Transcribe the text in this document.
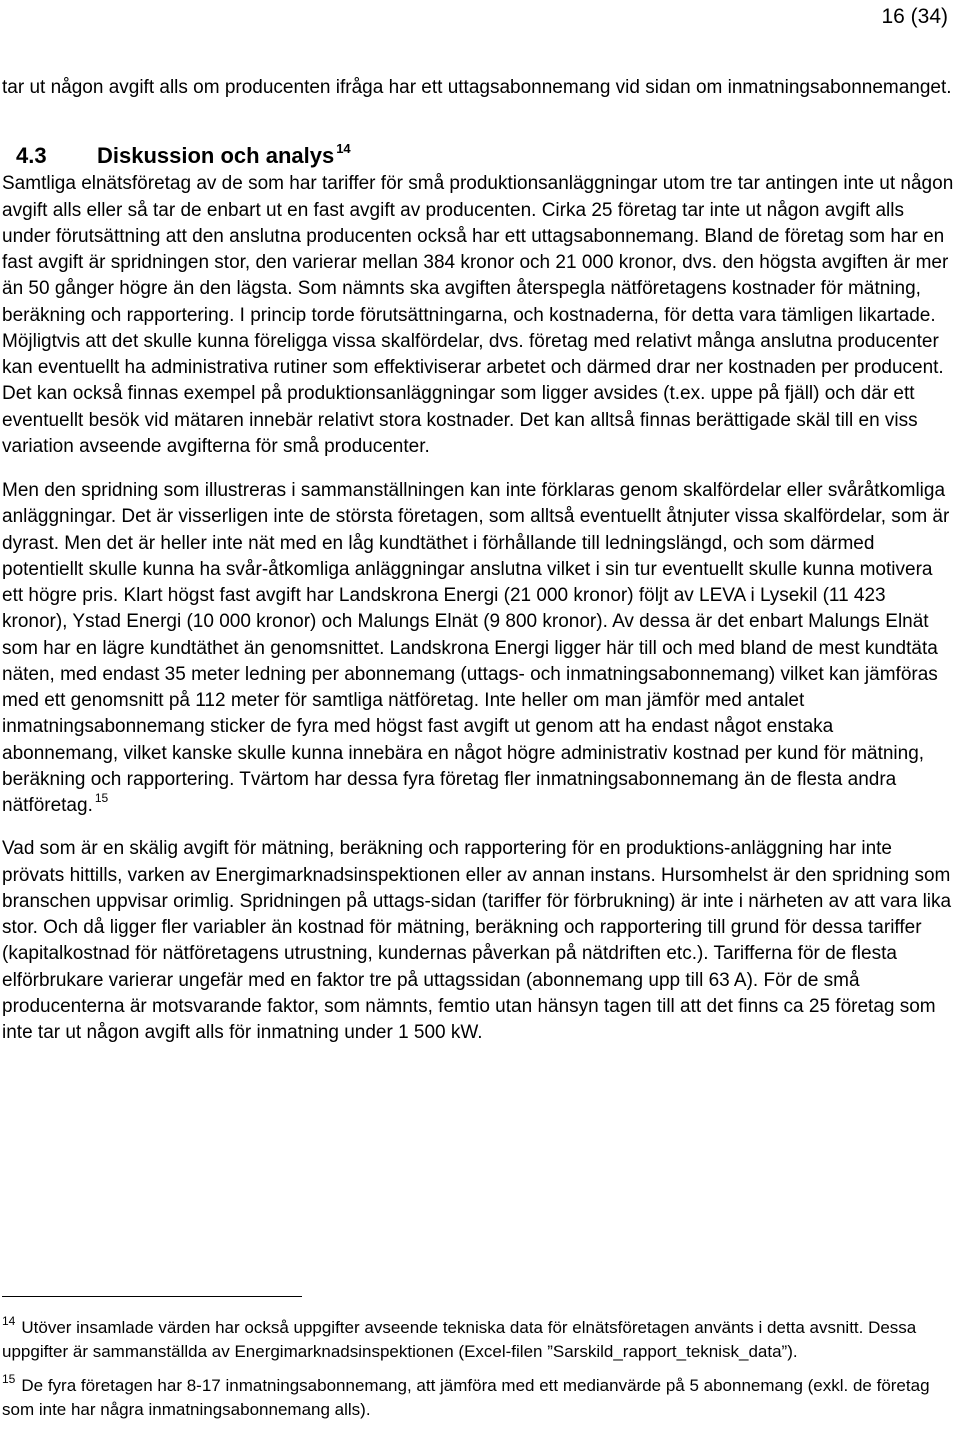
16 (34)

tar ut någon avgift alls om producenten ifråga har ett uttagsabonnemang vid sidan om inmatningsabonnemanget.

4.3	Diskussion och analys $^{14}$

Samtliga elnätsföretag av de som har tariffer för små produktionsanläggningar utom tre tar antingen inte ut någon avgift alls eller så tar de enbart ut en fast avgift av producenten. Cirka 25 företag tar inte ut någon avgift alls under förutsättning att den anslutna producenten också har ett uttagsabonnemang. Bland de företag som har en fast avgift är spridningen stor, den varierar mellan 384 kronor och 21 000 kronor, dvs. den högsta avgiften är mer än 50 gånger högre än den lägsta. Som nämnts ska avgiften återspegla nätföretagens kostnader för mätning, beräkning och rapportering. I princip torde förutsättningarna, och kostnaderna, för detta vara tämligen likartade. Möjligtvis att det skulle kunna föreligga vissa skalfördelar, dvs. företag med relativt många anslutna producenter kan eventuellt ha administrativa rutiner som effektiviserar arbetet och därmed drar ner kostnaden per producent. Det kan också finnas exempel på produktionsanläggningar som ligger avsides (t.ex. uppe på fjäll) och där ett eventuellt besök vid mätaren innebär relativt stora kostnader. Det kan alltså finnas berättigade skäl till en viss variation avseende avgifterna för små producenter.

Men den spridning som illustreras i sammanställningen kan inte förklaras genom skalfördelar eller svåråtkomliga anläggningar. Det är visserligen inte de största företagen, som alltså eventuellt åtnjuter vissa skalfördelar, som är dyrast. Men det är heller inte nät med en låg kundtäthet i förhållande till ledningslängd, och som därmed potentiellt skulle kunna ha svår-åtkomliga anläggningar anslutna vilket i sin tur eventuellt skulle kunna motivera ett högre pris. Klart högst fast avgift har Landskrona Energi (21 000 kronor) följt av LEVA i Lysekil (11 423 kronor), Ystad Energi (10 000 kronor) och Malungs Elnät (9 800 kronor). Av dessa är det enbart Malungs Elnät som har en lägre kundtäthet än genomsnittet. Landskrona Energi ligger här till och med bland de mest kundtäta näten, med endast 35 meter ledning per abonnemang (uttags- och inmatningsabonnemang) vilket kan jämföras med ett genomsnitt på 112 meter för samtliga nätföretag. Inte heller om man jämför med antalet inmatningsabonnemang sticker de fyra med högst fast avgift ut genom att ha endast något enstaka abonnemang, vilket kanske skulle kunna innebära en något högre administrativ kostnad per kund för mätning, beräkning och rapportering. Tvärtom har dessa fyra företag fler inmatningsabonnemang än de flesta andra nätföretag. $^{15}$

Vad som är en skälig avgift för mätning, beräkning och rapportering för en produktions-anläggning har inte prövats hittills, varken av Energimarknadsinspektionen eller av annan instans. Hursomhelst är den spridning som branschen uppvisar orimlig. Spridningen på uttags-sidan (tariffer för förbrukning) är inte i närheten av att vara lika stor. Och då ligger fler variabler än kostnad för mätning, beräkning och rapportering till grund för dessa tariffer (kapitalkostnad för nätföretagens utrustning, kundernas påverkan på nätdriften etc.). Tarifferna för de flesta elförbrukare varierar ungefär med en faktor tre på uttagssidan (abonnemang upp till 63 A). För de små producenterna är motsvarande faktor, som nämnts, femtio utan hänsyn tagen till att det finns ca 25 företag som inte tar ut någon avgift alls för inmatning under 1 500 kW.

$^{14}$ Utöver insamlade värden har också uppgifter avseende tekniska data för elnätsföretagen använts i detta avsnitt. Dessa uppgifter är sammanställda av Energimarknadsinspektionen (Excel-filen ”Sarskild_rapport_teknisk_data”).

$^{15}$ De fyra företagen har 8-17 inmatningsabonnemang, att jämföra med ett medianvärde på 5 abonnemang (exkl. de företag som inte har några inmatningsabonnemang alls).
